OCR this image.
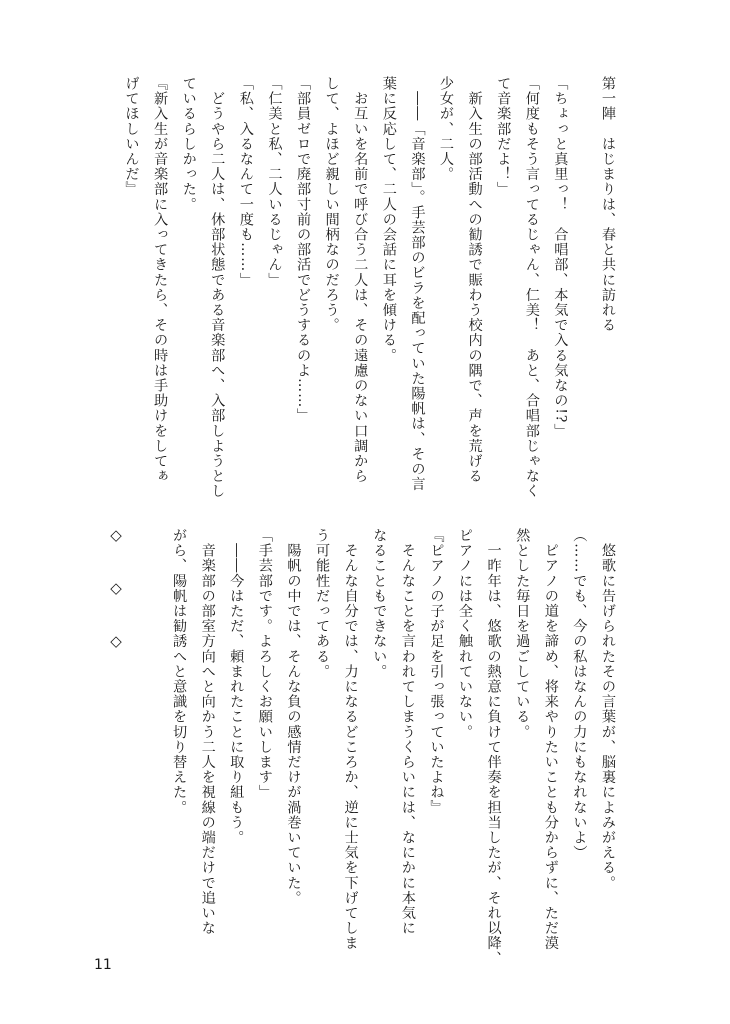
第一陣　はじまりは、春と共に訪れる
「ちょっと真里っ！　合唱部、本気で入る気なの!?」
「何度もそう言ってるじゃん、仁美！　あと、合唱部じゃなく
て音楽部だよ！」
　新入生の部活動への勧誘で賑わう校内の隅で、声を荒げる
少女が、二人。
　――「音楽部」。手芸部のビラを配っていた陽帆は、その言
葉に反応して、二人の会話に耳を傾ける。
　お互いを名前で呼び合う二人は、その遠慮のない口調から
して、よほど親しい間柄なのだろう。
「部員ゼロで廃部寸前の部活でどうするのよ……」
「仁美と私、二人いるじゃん」
「私、入るなんて一度も……」
　どうやら二人は、休部状態である音楽部へ、入部しようとし
ているらしかった。
『新入生が音楽部に入ってきたら、その時は手助けをしてぁ
げてほしいんだ』
　悠歌に告げられたその言葉が、脳裏によみがえる。
（……でも、今の私はなんの力にもなれないよ）
　ピアノの道を諦め、将来やりたいことも分からずに、ただ漠
然とした毎日を過ごしている。
　一昨年は、悠歌の熱意に負けて伴奏を担当したが、それ以降、
ピアノには全く触れていない。
『ピアノの子が足を引っ張っていたよね』
　そんなことを言われてしまうくらいには、なにかに本気に
なることもできない。
　そんな自分では、力になるどころか、逆に士気を下げてしま
う可能性だってある。
　陽帆の中では、そんな負の感情だけが渦巻いていた。
「手芸部です。よろしくお願いします」
　――今はただ、頼まれたことに取り組もう。
　音楽部の部室方向へと向かう二人を視線の端だけで追いな
がら、陽帆は勧誘へと意識を切り替えた。
◇　◇　◇
11
